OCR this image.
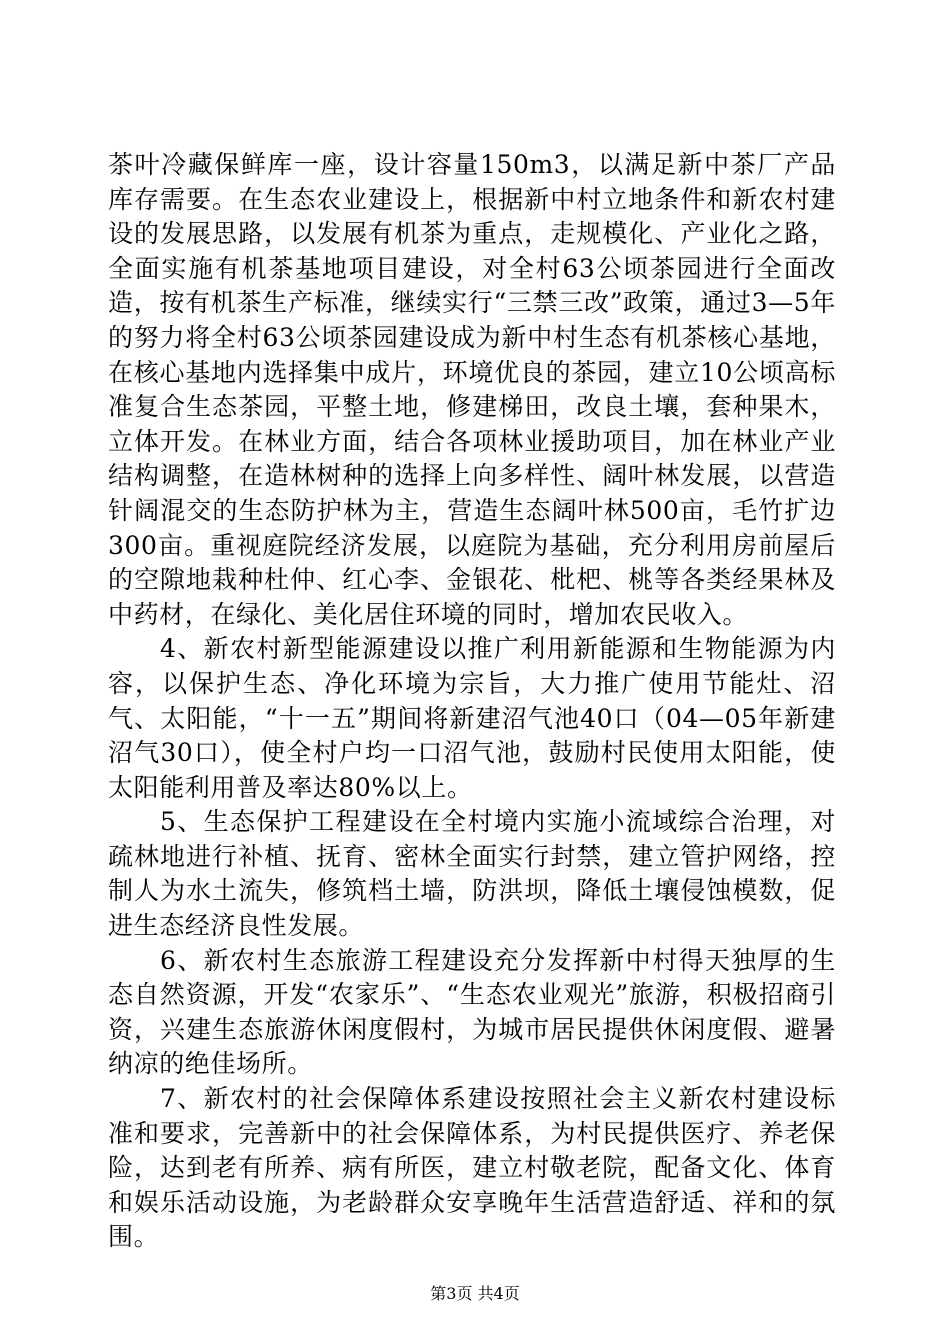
茶叶冷藏保鲜库一座，设计容量150m3，以满足新中茶厂产品库存需要。在生态农业建设上，根据新中村立地条件和新农村建设的发展思路，以发展有机茶为重点，走规模化、产业化之路，全面实施有机茶基地项目建设，对全村63公顷茶园进行全面改造，按有机茶生产标准，继续实行“三禁三改”政策，通过3—5年的努力将全村63公顷茶园建设成为新中村生态有机茶核心基地，在核心基地内选择集中成片，环境优良的茶园，建立10公顷高标准复合生态茶园，平整土地，修建梯田，改良土壤，套种果木，立体开发。在林业方面，结合各项林业援助项目，加在林业产业结构调整，在造林树种的选择上向多样性、阔叶林发展，以营造针阔混交的生态防护林为主，营造生态阔叶林500亩，毛竹扩边300亩。重视庭院经济发展，以庭院为基础，充分利用房前屋后的空隙地栽种杜仲、红心李、金银花、枇杷、桃等各类经果林及中药材，在绿化、美化居住环境的同时，增加农民收入。

4、新农村新型能源建设以推广利用新能源和生物能源为内容，以保护生态、净化环境为宗旨，大力推广使用节能灶、沼气、太阳能，“十一五”期间将新建沼气池40口（04—05年新建沼气30口），使全村户均一口沼气池，鼓励村民使用太阳能，使太阳能利用普及率达80%以上。

5、生态保护工程建设在全村境内实施小流域综合治理，对疏林地进行补植、抚育、密林全面实行封禁，建立管护网络，控制人为水土流失，修筑档土墙，防洪坝，降低土壤侵蚀模数，促进生态经济良性发展。

6、新农村生态旅游工程建设充分发挥新中村得天独厚的生态自然资源，开发“农家乐”、“生态农业观光”旅游，积极招商引资，兴建生态旅游休闲度假村，为城市居民提供休闲度假、避暑纳凉的绝佳场所。

7、新农村的社会保障体系建设按照社会主义新农村建设标准和要求，完善新中的社会保障体系，为村民提供医疗、养老保险，达到老有所养、病有所医，建立村敬老院，配备文化、体育和娱乐活动设施，为老龄群众安享晚年生活营造舒适、祥和的氛围。

第3页 共4页
